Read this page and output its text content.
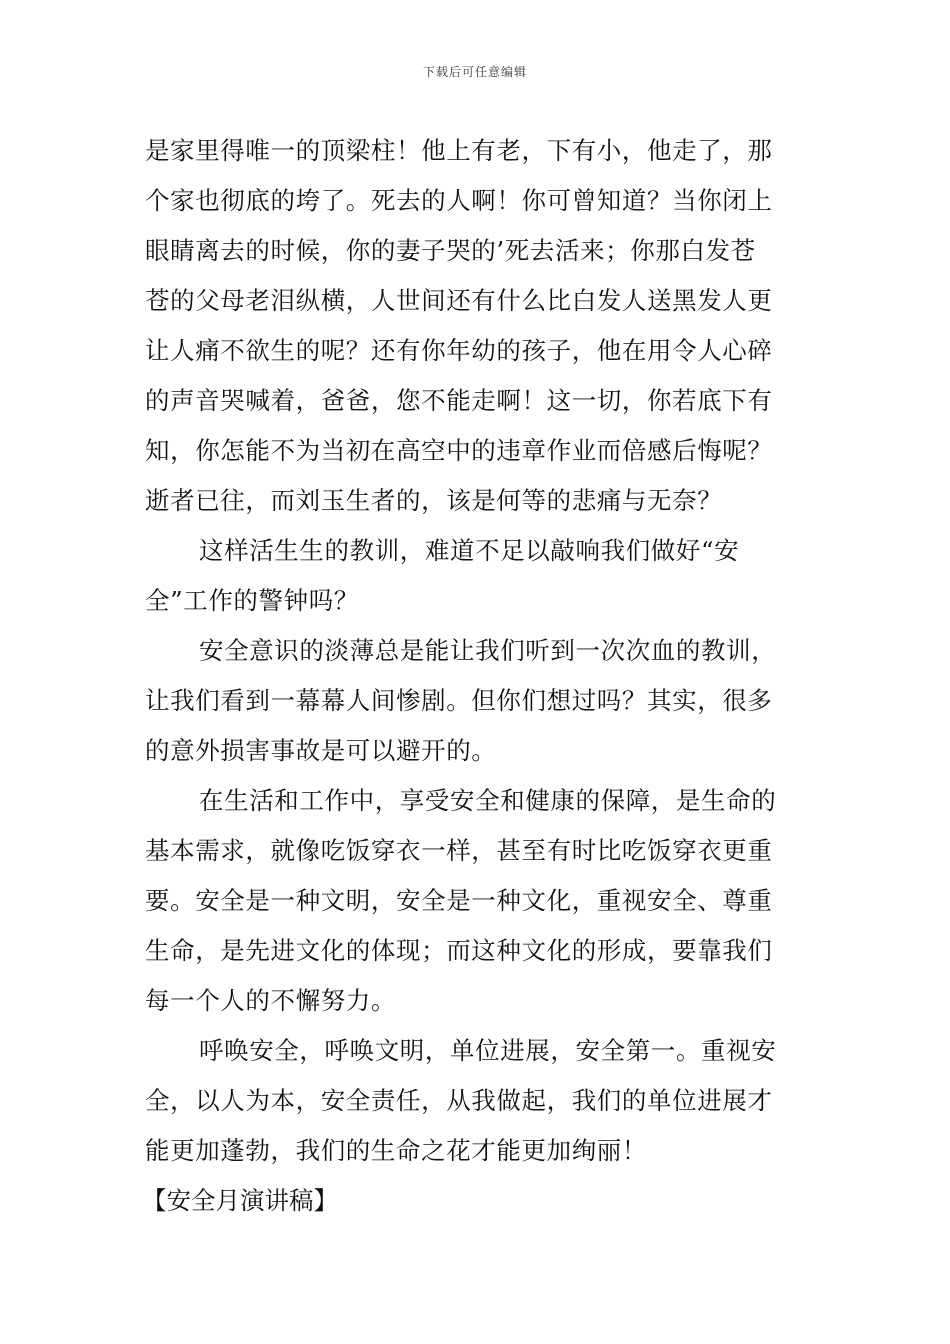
下载后可任意编辑
是家里得唯一的顶梁柱！他上有老，下有小，他走了，那
个家也彻底的垮了。死去的人啊！你可曾知道？当你闭上
眼睛离去的时候，你的妻子哭的’死去活来；你那白发苍
苍的父母老泪纵横，人世间还有什么比白发人送黑发人更
让人痛不欲生的呢？还有你年幼的孩子，他在用令人心碎
的声音哭喊着，爸爸，您不能走啊！这一切，你若底下有
知，你怎能不为当初在高空中的违章作业而倍感后悔呢？
逝者已往，而刘玉生者的，该是何等的悲痛与无奈？
这样活生生的教训，难道不足以敲响我们做好“安
全”工作的警钟吗？
安全意识的淡薄总是能让我们听到一次次血的教训，
让我们看到一幕幕人间惨剧。但你们想过吗？其实，很多
的意外损害事故是可以避开的。
在生活和工作中，享受安全和健康的保障，是生命的
基本需求，就像吃饭穿衣一样，甚至有时比吃饭穿衣更重
要。安全是一种文明，安全是一种文化，重视安全、尊重
生命，是先进文化的体现；而这种文化的形成，要靠我们
每一个人的不懈努力。
呼唤安全，呼唤文明，单位进展，安全第一。重视安
全，以人为本，安全责任，从我做起，我们的单位进展才
能更加蓬勃，我们的生命之花才能更加绚丽！
【安全月演讲稿】
